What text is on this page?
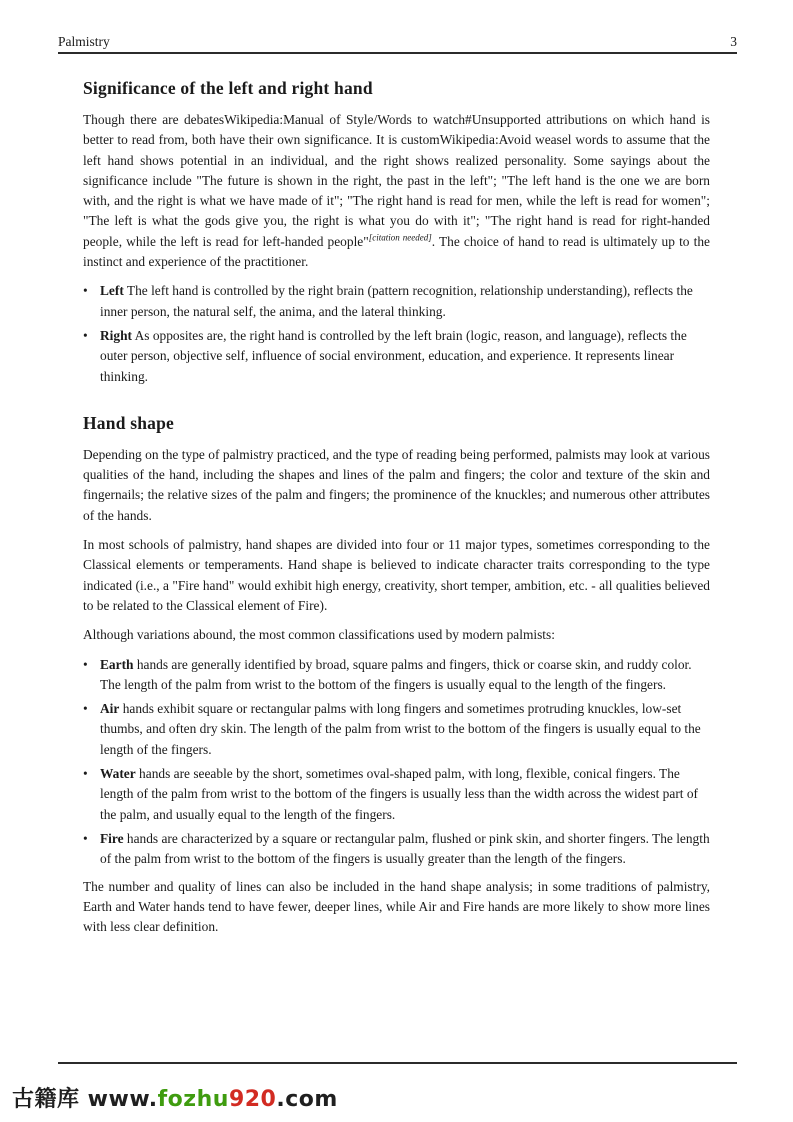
Palmistry	3
Significance of the left and right hand

Though there are debatesWikipedia:Manual of Style/Words to watch#Unsupported attributions on which hand is better to read from, both have their own significance. It is customWikipedia:Avoid weasel words to assume that the left hand shows potential in an individual, and the right shows realized personality. Some sayings about the significance include "The future is shown in the right, the past in the left"; "The left hand is the one we are born with, and the right is what we have made of it"; "The right hand is read for men, while the left is read for women"; "The left is what the gods give you, the right is what you do with it"; "The right hand is read for right-handed people, while the left is read for left-handed people"[citation needed]. The choice of hand to read is ultimately up to the instinct and experience of the practitioner.

• Left The left hand is controlled by the right brain (pattern recognition, relationship understanding), reflects the inner person, the natural self, the anima, and the lateral thinking.
• Right As opposites are, the right hand is controlled by the left brain (logic, reason, and language), reflects the outer person, objective self, influence of social environment, education, and experience. It represents linear thinking.
Hand shape

Depending on the type of palmistry practiced, and the type of reading being performed, palmists may look at various qualities of the hand, including the shapes and lines of the palm and fingers; the color and texture of the skin and fingernails; the relative sizes of the palm and fingers; the prominence of the knuckles; and numerous other attributes of the hands.

In most schools of palmistry, hand shapes are divided into four or 11 major types, sometimes corresponding to the Classical elements or temperaments. Hand shape is believed to indicate character traits corresponding to the type indicated (i.e., a "Fire hand" would exhibit high energy, creativity, short temper, ambition, etc. - all qualities believed to be related to the Classical element of Fire).

Although variations abound, the most common classifications used by modern palmists:

• Earth hands are generally identified by broad, square palms and fingers, thick or coarse skin, and ruddy color. The length of the palm from wrist to the bottom of the fingers is usually equal to the length of the fingers.
• Air hands exhibit square or rectangular palms with long fingers and sometimes protruding knuckles, low-set thumbs, and often dry skin. The length of the palm from wrist to the bottom of the fingers is usually equal to the length of the fingers.
• Water hands are seeable by the short, sometimes oval-shaped palm, with long, flexible, conical fingers. The length of the palm from wrist to the bottom of the fingers is usually less than the width across the widest part of the palm, and usually equal to the length of the fingers.
• Fire hands are characterized by a square or rectangular palm, flushed or pink skin, and shorter fingers. The length of the palm from wrist to the bottom of the fingers is usually greater than the length of the fingers.

The number and quality of lines can also be included in the hand shape analysis; in some traditions of palmistry, Earth and Water hands tend to have fewer, deeper lines, while Air and Fire hands are more likely to show more lines with less clear definition.

古籍库 www.fozhu920.com
